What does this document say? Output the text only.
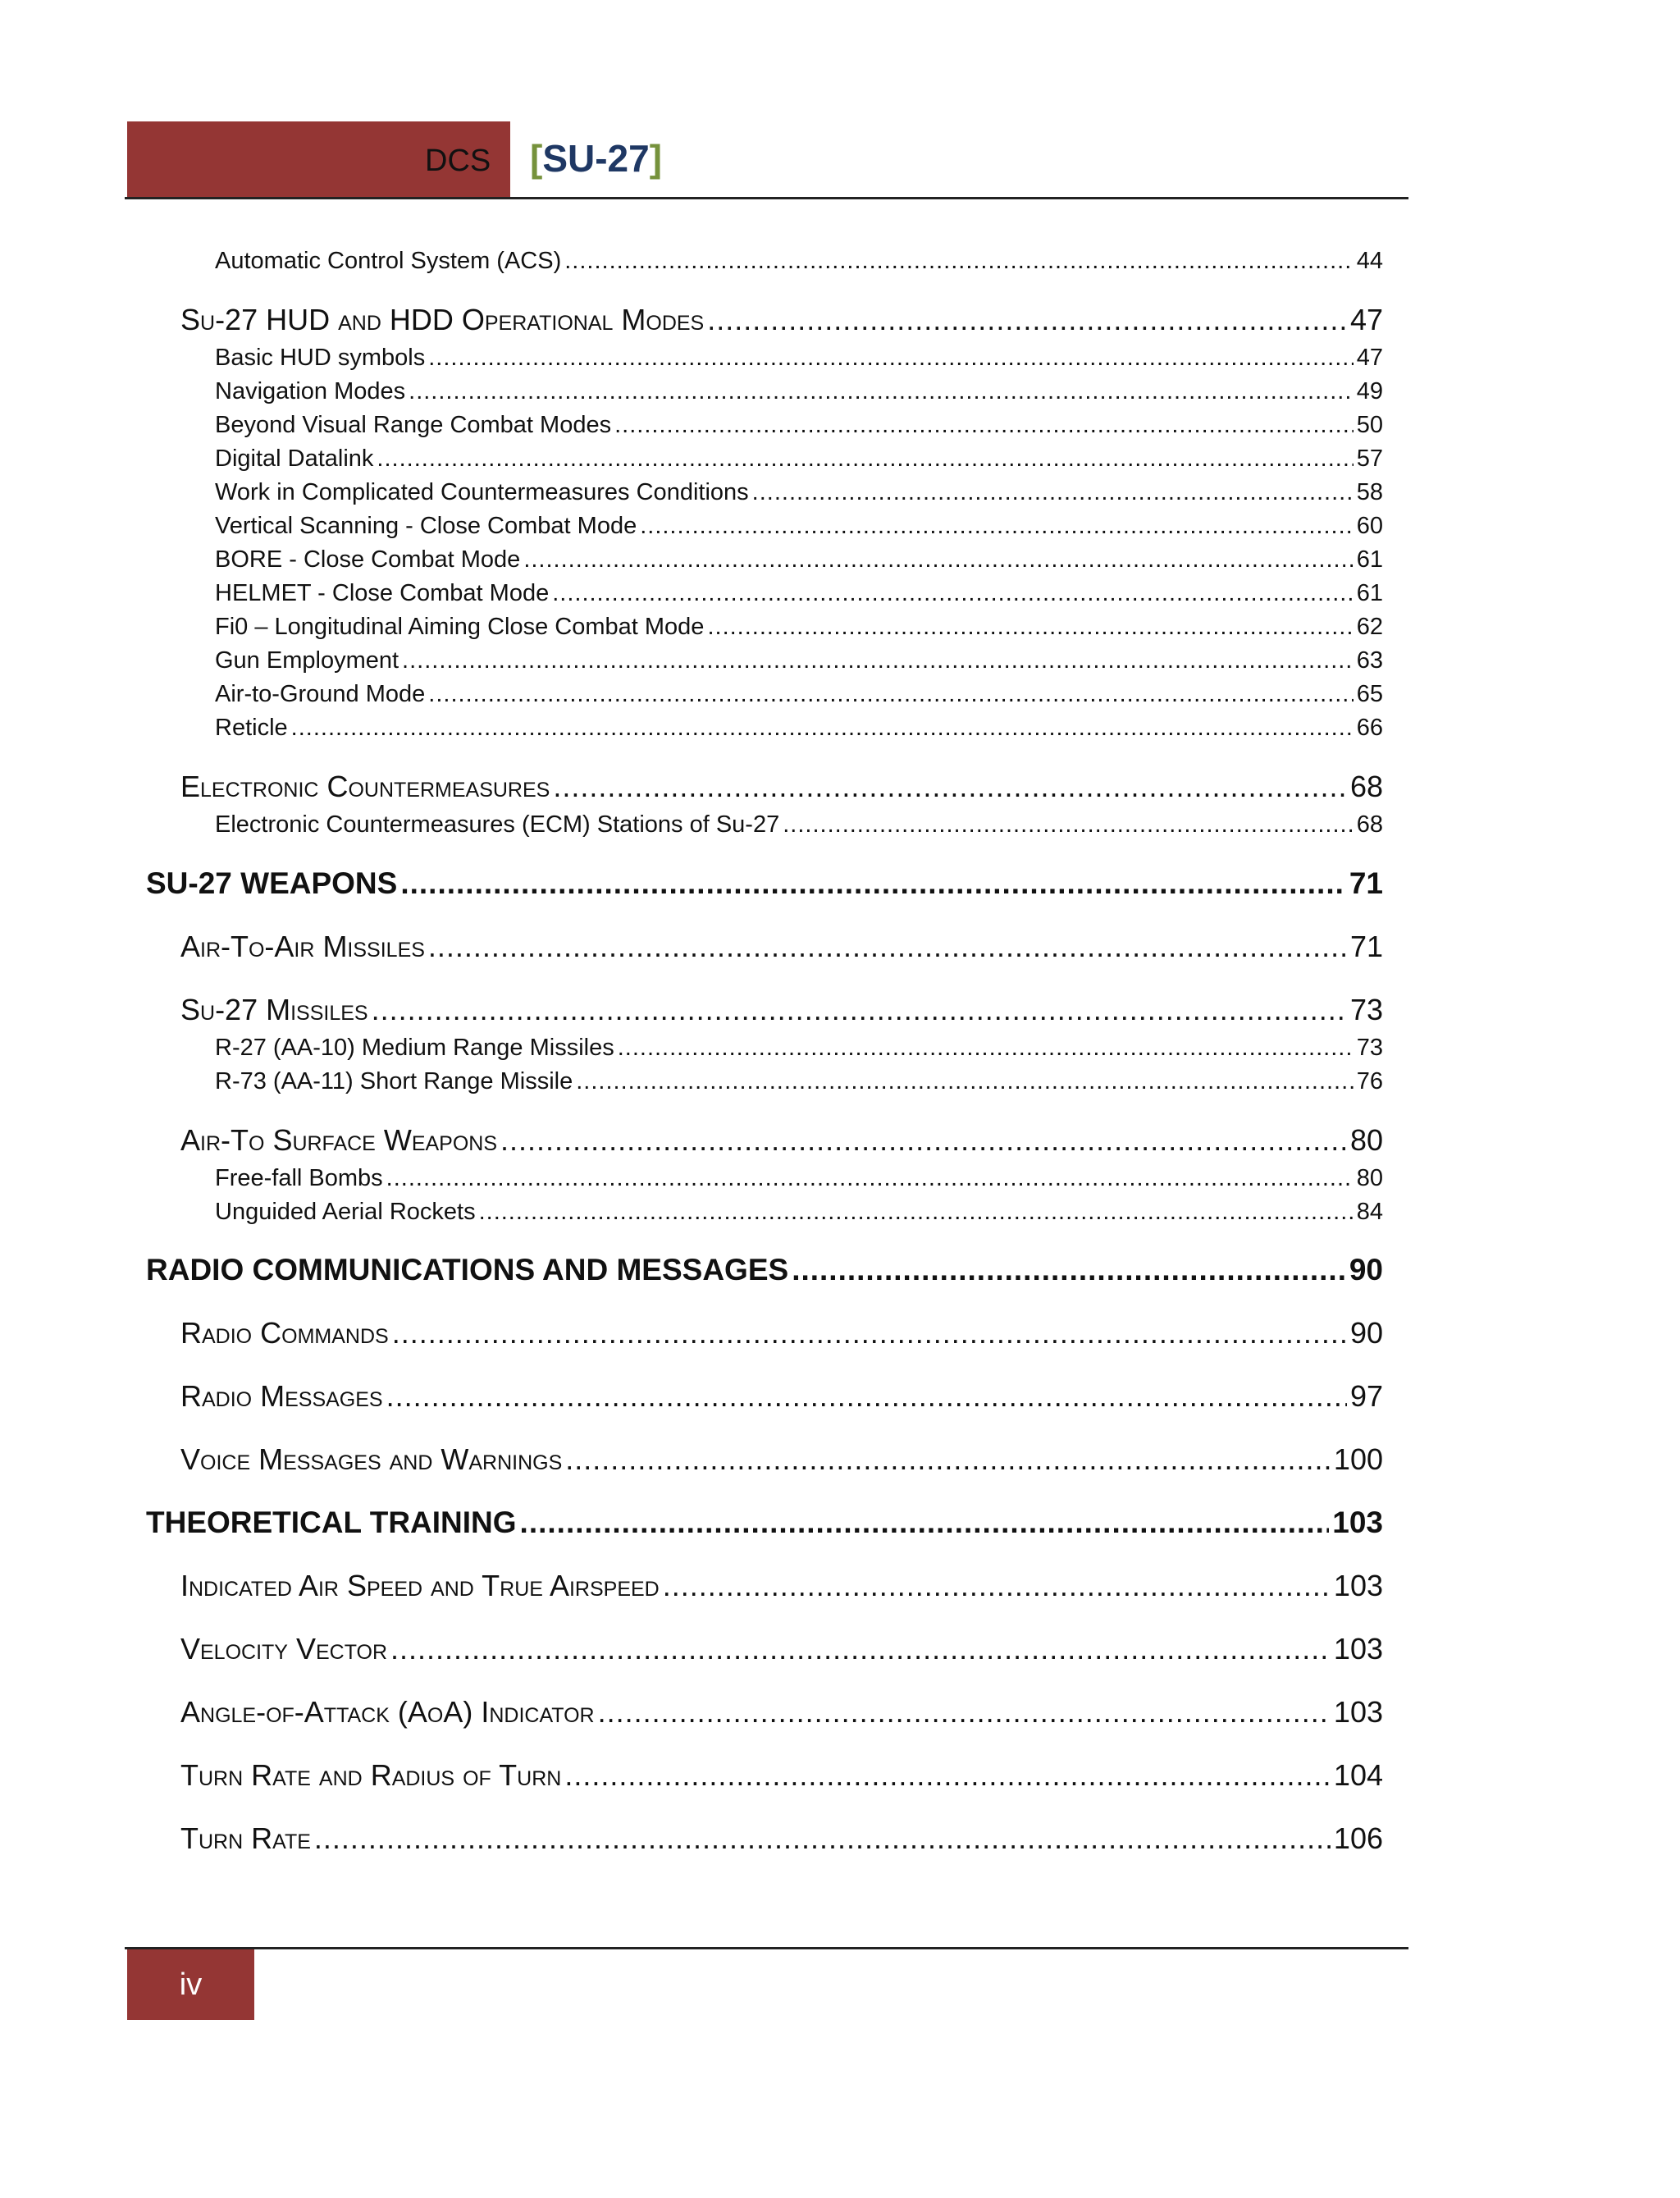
DCS [SU-27]
Automatic Control System (ACS) .....	44
Su-27 HUD and HDD Operational Modes .....	47
Basic HUD symbols .....	47
Navigation Modes .....	49
Beyond Visual Range Combat Modes .....	50
Digital Datalink .....	57
Work in Complicated Countermeasures Conditions .....	58
Vertical Scanning - Close Combat Mode .....	60
BORE - Close Combat Mode .....	61
HELMET - Close Combat Mode .....	61
Fi0 – Longitudinal Aiming Close Combat Mode .....	62
Gun Employment .....	63
Air-to-Ground Mode .....	65
Reticle .....	66
Electronic Countermeasures .....	68
Electronic Countermeasures (ECM) Stations of Su-27 .....	68
SU-27 WEAPONS .....	71
Air-To-Air Missiles .....	71
Su-27 Missiles .....	73
R-27 (AA-10) Medium Range Missiles .....	73
R-73 (AA-11) Short Range Missile .....	76
Air-To Surface Weapons .....	80
Free-fall Bombs .....	80
Unguided Aerial Rockets .....	84
RADIO COMMUNICATIONS AND MESSAGES .....	90
Radio Commands .....	90
Radio Messages .....	97
Voice Messages and Warnings .....	100
THEORETICAL TRAINING .....	103
Indicated Air Speed and True Airspeed .....	103
Velocity Vector .....	103
Angle-of-Attack (AoA) Indicator .....	103
Turn Rate and Radius of Turn .....	104
Turn Rate .....	106
iv
